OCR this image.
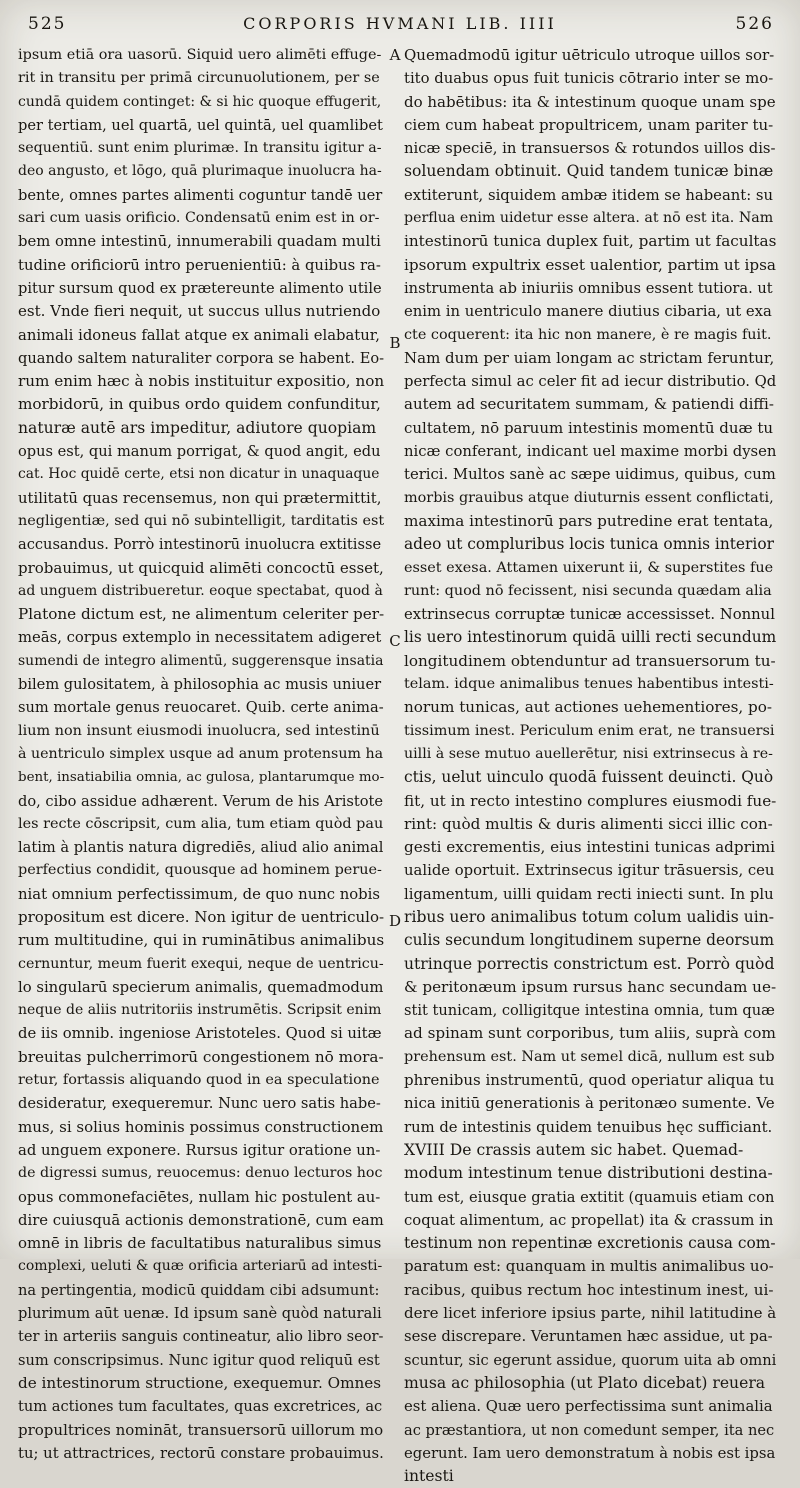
525	CORPORIS HVMANI LIB. IIII	526
ipsum etiā ora uasorū. Siquid uero alimēti effuge-
rit in transitu per primā circunuolutionem, per se
cundā quidem continget: & si hic quoque effugerit,
per tertiam, uel quartā, uel quintā, uel quamlibet
sequentiū. sunt enim plurimæ. In transitu igitur a-
deo angusto, et lōgo, quā plurimaque inuolucra ha-
bente, omnes partes alimenti coguntur tandē uer
sari cum uasis orificio. Condensatū enim est in or-
bem omne intestinū, innumerabili quadam multi
tudine orificiorū intro peruenientiū: à quibus ra-
pitur sursum quod ex prætereunte alimento utile
est. Vnde fieri nequit, ut succus ullus nutriendo
animali idoneus fallat atque ex animali elabatur,
quando saltem naturaliter corpora se habent. Eo-
rum enim hæc à nobis instituitur expositio, non
morbidorū, in quibus ordo quidem confunditur,
naturæ autē ars impeditur, adiutore quopiam
opus est, qui manum porrigat, & quod angit, edu
cat. Hoc quidē certe, etsi non dicatur in unaquaque
utilitatū quas recensemus, non qui prætermittit,
negligentiæ, sed qui nō subintelligit, tarditatis est
accusandus. Porrò intestinorū inuolucra extitisse
probauimus, ut quicquid alimēti concoctū esset,
ad unguem distribueretur. eoque spectabat, quod à
Platone dictum est, ne alimentum celeriter per-
meās, corpus extemplo in necessitatem adigeret
sumendi de integro alimentū, suggerensque insatia
bilem gulositatem, à philosophia ac musis uniuer
sum mortale genus reuocaret. Quib. certe anima-
lium non insunt eiusmodi inuolucra, sed intestinū
à uentriculo simplex usque ad anum protensum ha
bent, insatiabilia omnia, ac gulosa, plantarumque mo-
do, cibo assidue adhærent. Verum de his Aristote
les recte cōscripsit, cum alia, tum etiam quòd pau
latim à plantis natura digrediēs, aliud alio animal
perfectius condidit, quousque ad hominem perue-
niat omnium perfectissimum, de quo nunc nobis
propositum est dicere. Non igitur de uentriculo-
rum multitudine, qui in ruminātibus animalibus
cernuntur, meum fuerit exequi, neque de uentricu-
lo singularū specierum animalis, quemadmodum
neque de aliis nutritoriis instrumētis. Scripsit enim
de iis omnib. ingeniose Aristoteles. Quod si uitæ
breuitas pulcherrimorū congestionem nō mora-
retur, fortassis aliquando quod in ea speculatione
desideratur, exequeremur. Nunc uero satis habe-
mus, si solius hominis possimus constructionem
ad unguem exponere. Rursus igitur oratione un-
de digressi sumus, reuocemus: denuo lecturos hoc
opus commonefaciētes, nullam hic postulent au-
dire cuiusquā actionis demonstrationē, cum eam
omnē in libris de facultatibus naturalibus simus
complexi, ueluti & quæ orificia arteriarū ad intesti-
na pertingentia, modicū quiddam cibi adsumunt:
plurimum aūt uenæ. Id ipsum sanè quòd naturali
ter in arteriis sanguis contineatur, alio libro seor-
sum conscripsimus. Nunc igitur quod reliquū est
de intestinorum structione, exequemur. Omnes
tum actiones tum facultates, quas excretrices, ac
propultrices nomināt, transuersorū uillorum mo
tu; ut attractrices, rectorū constare probauimus.
A
B
C
D
Quemadmodū igitur uētriculo utroque uillos sor-
tito duabus opus fuit tunicis cōtrario inter se mo-
do habētibus: ita & intestinum quoque unam spe
ciem cum habeat propultricem, unam pariter tu-
nicæ speciē, in transuersos & rotundos uillos dis-
soluendam obtinuit. Quid tandem tunicæ binæ
extiterunt, siquidem ambæ itidem se habeant: su
perflua enim uidetur esse altera. at nō est ita. Nam
intestinorū tunica duplex fuit, partim ut facultas
ipsorum expultrix esset ualentior, partim ut ipsa
instrumenta ab iniuriis omnibus essent tutiora. ut
enim in uentriculo manere diutius cibaria, ut exa
cte coquerent: ita hic non manere, è re magis fuit.
Nam dum per uiam longam ac strictam feruntur,
perfecta simul ac celer fit ad iecur distributio. Qd
autem ad securitatem summam, & patiendi diffi-
cultatem, nō paruum intestinis momentū duæ tu
nicæ conferant, indicant uel maxime morbi dysen
terici. Multos sanè ac sæpe uidimus, quibus, cum
morbis grauibus atque diuturnis essent conflictati,
maxima intestinorū pars putredine erat tentata,
adeo ut compluribus locis tunica omnis interior
esset exesa. Attamen uixerunt ii, & superstites fue
runt: quod nō fecissent, nisi secunda quædam alia
extrinsecus corruptæ tunicæ accessisset. Nonnul
lis uero intestinorum quidā uilli recti secundum
longitudinem obtenduntur ad transuersorum tu-
telam. idque animalibus tenues habentibus intesti-
norum tunicas, aut actiones uehementiores, po-
tissimum inest. Periculum enim erat, ne transuersi
uilli à sese mutuo auellerētur, nisi extrinsecus à re-
ctis, uelut uinculo quodā fuissent deuincti. Quò
fit, ut in recto intestino complures eiusmodi fue-
rint: quòd multis & duris alimenti sicci illic con-
gesti excrementis, eius intestini tunicas adprimi
ualide oportuit. Extrinsecus igitur trāsuersis, ceu
ligamentum, uilli quidam recti iniecti sunt. In plu
ribus uero animalibus totum colum ualidis uin-
culis secundum longitudinem superne deorsum
utrinque porrectis constrictum est. Porrò quòd
& peritonæum ipsum rursus hanc secundam ue-
stit tunicam, colligitque intestina omnia, tum quæ
ad spinam sunt corporibus, tum aliis, suprà com
prehensum est. Nam ut semel dicā, nullum est sub
phrenibus instrumentū, quod operiatur aliqua tu
nica initiū generationis à peritonæo sumente. Ve
rum de intestinis quidem tenuibus hęc sufficiant.
XVIII De crassis autem sic habet. Quemad-
modum intestinum tenue distributioni destina-
tum est, eiusque gratia extitit (quamuis etiam con
coquat alimentum, ac propellat) ita & crassum in
testinum non repentinæ excretionis causa com-
paratum est: quanquam in multis animalibus uo-
racibus, quibus rectum hoc intestinum inest, ui-
dere licet inferiore ipsius parte, nihil latitudine à
sese discrepare. Veruntamen hæc assidue, ut pa-
scuntur, sic egerunt assidue, quorum uita ab omni
musa ac philosophia (ut Plato dicebat) reuera
est aliena. Quæ uero perfectissima sunt animalia
ac præstantiora, ut non comedunt semper, ita nec
egerunt. Iam uero demonstratum à nobis est ipsa
intesti
